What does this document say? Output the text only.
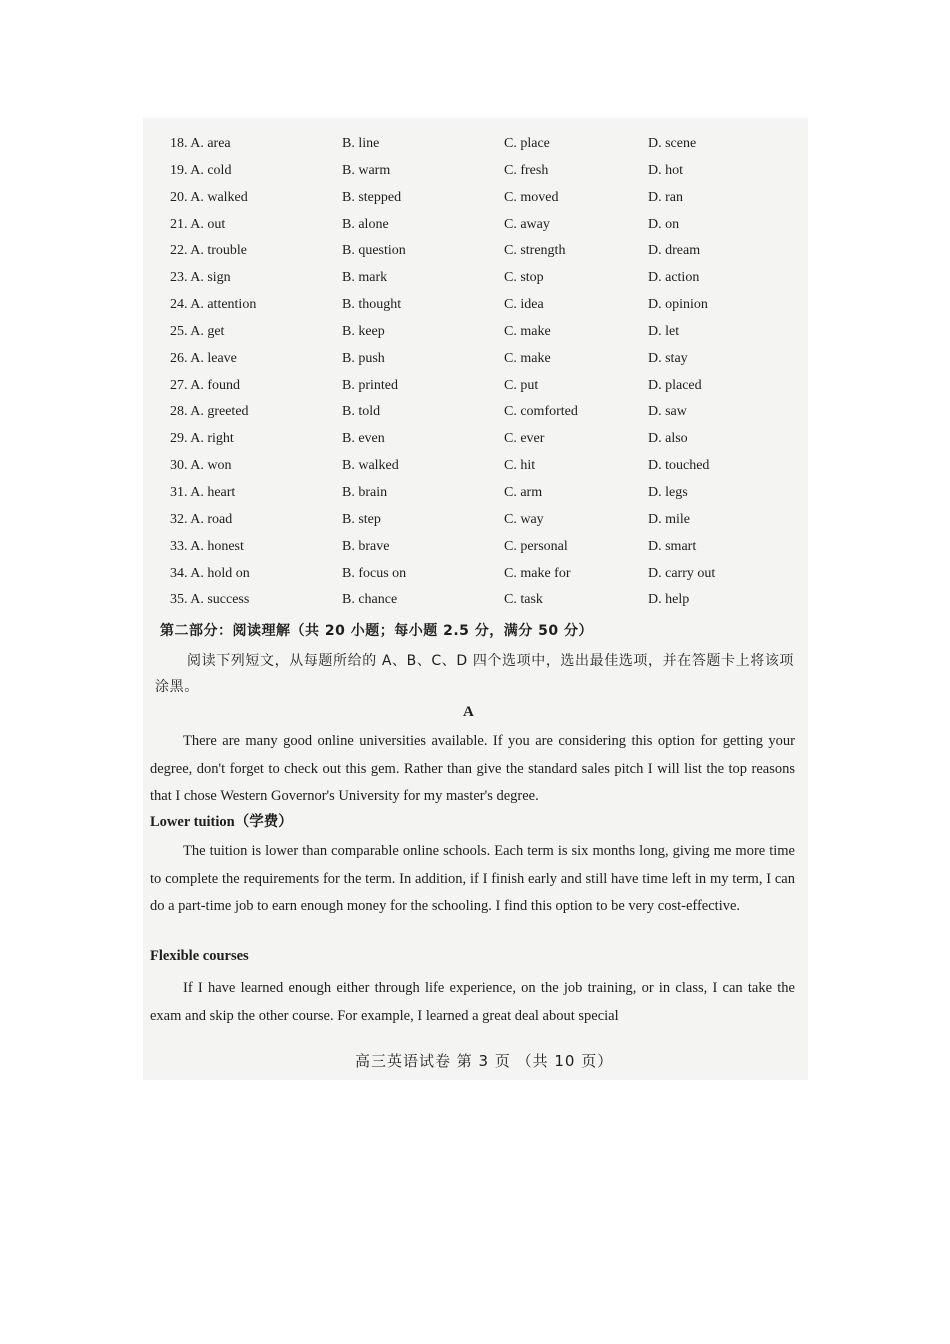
18. A. area	B. line	C. place	D. scene
19. A. cold	B. warm	C. fresh	D. hot
20. A. walked	B. stepped	C. moved	D. ran
21. A. out	B. alone	C. away	D. on
22. A. trouble	B. question	C. strength	D. dream
23. A. sign	B. mark	C. stop	D. action
24. A. attention	B. thought	C. idea	D. opinion
25. A. get	B. keep	C. make	D. let
26. A. leave	B. push	C. make	D. stay
27. A. found	B. printed	C. put	D. placed
28. A. greeted	B. told	C. comforted	D. saw
29. A. right	B. even	C. ever	D. also
30. A. won	B. walked	C. hit	D. touched
31. A. heart	B. brain	C. arm	D. legs
32. A. road	B. step	C. way	D. mile
33. A. honest	B. brave	C. personal	D. smart
34. A. hold on	B. focus on	C. make for	D. carry out
35. A. success	B. chance	C. task	D. help
第二部分：阅读理解（共 20 小题；每小题 2.5 分，满分 50 分）
阅读下列短文，从每题所给的 A、B、C、D 四个选项中，选出最佳选项，并在答题卡上将该项涂黑。
A
There are many good online universities available. If you are considering this option for getting your degree, don't forget to check out this gem. Rather than give the standard sales pitch I will list the top reasons that I chose Western Governor's University for my master's degree.
Lower tuition（学费）
The tuition is lower than comparable online schools. Each term is six months long, giving me more time to complete the requirements for the term. In addition, if I finish early and still have time left in my term, I can do a part-time job to earn enough money for the schooling. I find this option to be very cost-effective.
Flexible courses
If I have learned enough either through life experience, on the job training, or in class, I can take the exam and skip the other course. For example, I learned a great deal about special
高三英语试卷 第 3 页 （共 10 页）
